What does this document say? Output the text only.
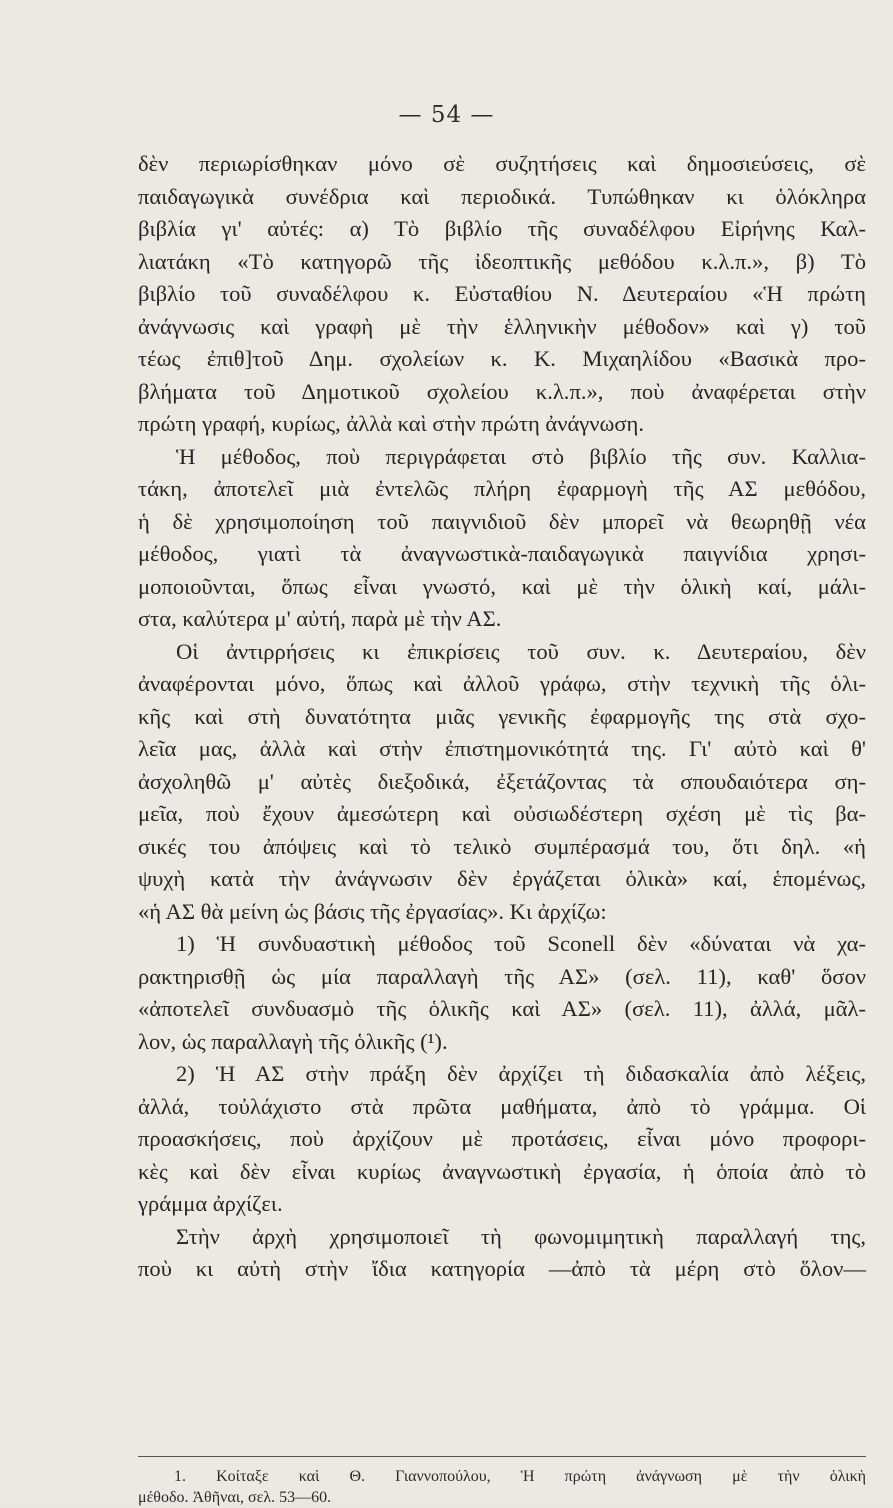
— 54 —
δὲν περιωρίσθηκαν μόνο σὲ συζητήσεις καὶ δημοσιεύσεις, σὲ
παιδαγωγικὰ συνέδρια καὶ περιοδικά. Τυπώθηκαν κι ὁλόκληρα
βιβλία γι' αὐτές: α) Τὸ βιβλίο τῆς συναδέλφου Εἰρήνης Καλ-
λιατάκη «Τὸ κατηγορῶ τῆς ἰδεοπτικῆς μεθόδου κ.λ.π.», β) Τὸ
βιβλίο τοῦ συναδέλφου κ. Εὐσταθίου Ν. Δευτεραίου «Ἡ πρώτη
ἀνάγνωσις καὶ γραφὴ μὲ τὴν ἑλληνικὴν μέθοδον» καὶ γ) τοῦ
τέως ἐπιθ]τοῦ Δημ. σχολείων κ. Κ. Μιχαηλίδου «Βασικὰ προ-
βλήματα τοῦ Δημοτικοῦ σχολείου κ.λ.π.», ποὺ ἀναφέρεται στὴν
πρώτη γραφή, κυρίως, ἀλλὰ καὶ στὴν πρώτη ἀνάγνωση.
Ἡ μέθοδος, ποὺ περιγράφεται στὸ βιβλίο τῆς συν. Καλλια-
τάκη, ἀποτελεῖ μιὰ ἐντελῶς πλήρη ἐφαρμογὴ τῆς ΑΣ μεθόδου,
ἡ δὲ χρησιμοποίηση τοῦ παιγνιδιοῦ δὲν μπορεῖ νὰ θεωρηθῇ νέα
μέθοδος, γιατὶ τὰ ἀναγνωστικὰ-παιδαγωγικὰ παιγνίδια χρησι-
μοποιοῦνται, ὅπως εἶναι γνωστό, καὶ μὲ τὴν ὁλικὴ καί, μάλι-
στα, καλύτερα μ' αὐτή, παρὰ μὲ τὴν ΑΣ.
Οἱ ἀντιρρήσεις κι ἐπικρίσεις τοῦ συν. κ. Δευτεραίου, δὲν
ἀναφέρονται μόνο, ὅπως καὶ ἀλλοῦ γράφω, στὴν τεχνικὴ τῆς ὁλι-
κῆς καὶ στὴ δυνατότητα μιᾶς γενικῆς ἐφαρμογῆς της στὰ σχο-
λεῖα μας, ἀλλὰ καὶ στὴν ἐπιστημονικότητά της. Γι' αὐτὸ καὶ θ'
ἀσχοληθῶ μ' αὐτὲς διεξοδικά, ἐξετάζοντας τὰ σπουδαιότερα ση-
μεῖα, ποὺ ἔχουν ἀμεσώτερη καὶ οὐσιωδέστερη σχέση μὲ τὶς βα-
σικές του ἀπόψεις καὶ τὸ τελικὸ συμπέρασμά του, ὅτι δηλ. «ἡ
ψυχὴ κατὰ τὴν ἀνάγνωσιν δὲν ἐργάζεται ὁλικὰ» καί, ἑπομένως,
«ἡ ΑΣ θὰ μείνη ὡς βάσις τῆς ἐργασίας». Κι ἀρχίζω:
1) Ἡ συνδυαστικὴ μέθοδος τοῦ Sconell δὲν «δύναται νὰ χα-
ρακτηρισθῇ ὡς μία παραλλαγὴ τῆς ΑΣ» (σελ. 11), καθ' ὅσον
«ἀποτελεῖ συνδυασμὸ τῆς ὁλικῆς καὶ ΑΣ» (σελ. 11), ἀλλά, μᾶλ-
λον, ὡς παραλλαγὴ τῆς ὁλικῆς (¹).
2) Ἡ ΑΣ στὴν πράξη δὲν ἀρχίζει τὴ διδασκαλία ἀπὸ λέξεις,
ἀλλά, τοὐλάχιστο στὰ πρῶτα μαθήματα, ἀπὸ τὸ γράμμα. Οἱ
προασκήσεις, ποὺ ἀρχίζουν μὲ προτάσεις, εἶναι μόνο προφορι-
κὲς καὶ δὲν εἶναι κυρίως ἀναγνωστικὴ ἐργασία, ἡ ὁποία ἀπὸ τὸ
γράμμα ἀρχίζει.
Στὴν ἀρχὴ χρησιμοποιεῖ τὴ φωνομιμητικὴ παραλλαγή της,
ποὺ κι αὐτὴ στὴν ἴδια κατηγορία —ἀπὸ τὰ μέρη στὸ ὅλον—
1. Κοίταξε καὶ Θ. Γιαννοπούλου, Ἡ πρώτη ἀνάγνωση μὲ τὴν ὁλικὴ
μέθοδο. Ἀθῆναι, σελ. 53—60.
